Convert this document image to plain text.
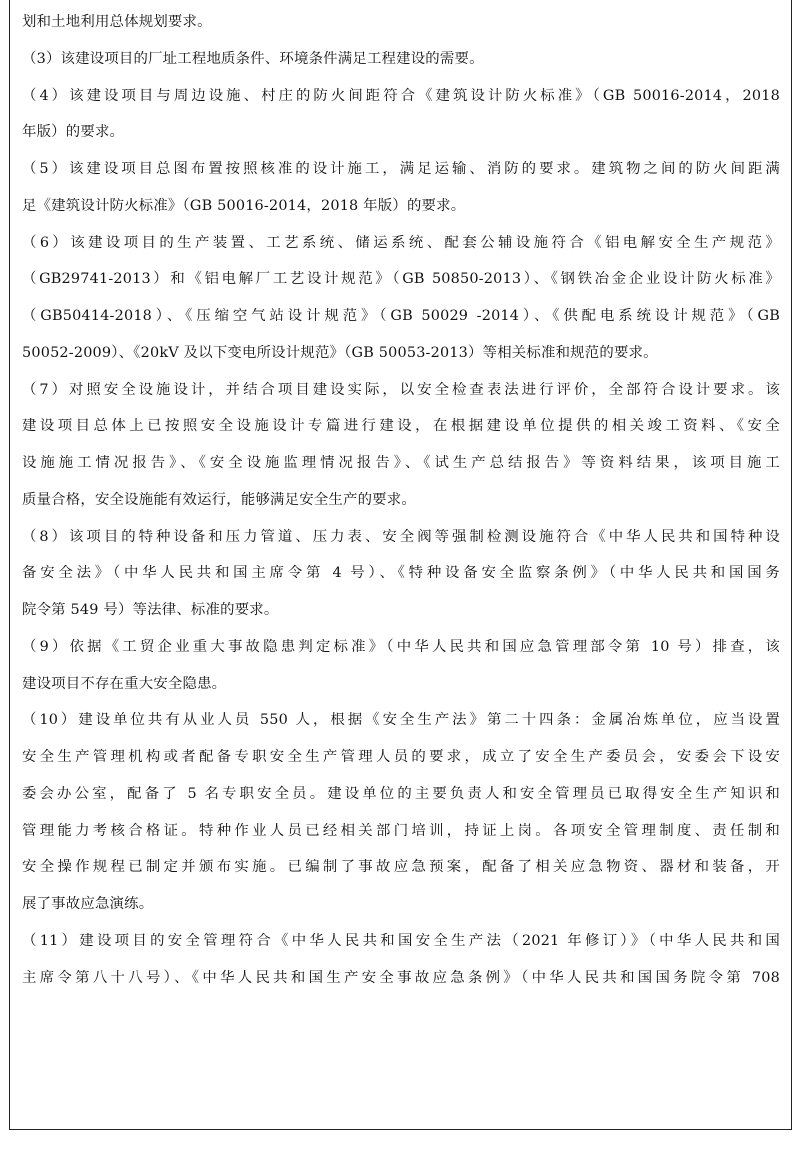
划和土地利用总体规划要求。
（3）该建设项目的厂址工程地质条件、环境条件满足工程建设的需要。
（4）该建设项目与周边设施、村庄的防火间距符合《建筑设计防火标准》（GB 50016-2014，2018
年版）的要求。
（5）该建设项目总图布置按照核准的设计施工，满足运输、消防的要求。建筑物之间的防火间距满
足《建筑设计防火标准》（GB 50016-2014，2018 年版）的要求。
（6）该建设项目的生产装置、工艺系统、储运系统、配套公辅设施符合《铝电解安全生产规范》
（GB29741-2013）和《铝电解厂工艺设计规范》（GB 50850-2013）、《钢铁冶金企业设计防火标准》
（GB50414-2018）、《压缩空气站设计规范》（GB 50029 -2014）、《供配电系统设计规范》（GB
50052-2009）、《20kV 及以下变电所设计规范》（GB 50053-2013）等相关标准和规范的要求。
（7）对照安全设施设计，并结合项目建设实际，以安全检查表法进行评价，全部符合设计要求。该
建设项目总体上已按照安全设施设计专篇进行建设，在根据建设单位提供的相关竣工资料、《安全
设施施工情况报告》、《安全设施监理情况报告》、《试生产总结报告》等资料结果，该项目施工
质量合格，安全设施能有效运行，能够满足安全生产的要求。
（8）该项目的特种设备和压力管道、压力表、安全阀等强制检测设施符合《中华人民共和国特种设
备安全法》（中华人民共和国主席令第 4 号）、《特种设备安全监察条例》（中华人民共和国国务
院令第 549 号）等法律、标准的要求。
（9）依据《工贸企业重大事故隐患判定标准》（中华人民共和国应急管理部令第 10 号）排查，该
建设项目不存在重大安全隐患。
（10）建设单位共有从业人员 550 人，根据《安全生产法》第二十四条：金属冶炼单位，应当设置
安全生产管理机构或者配备专职安全生产管理人员的要求，成立了安全生产委员会，安委会下设安
委会办公室，配备了 5 名专职安全员。建设单位的主要负责人和安全管理员已取得安全生产知识和
管理能力考核合格证。特种作业人员已经相关部门培训，持证上岗。各项安全管理制度、责任制和
安全操作规程已制定并颁布实施。已编制了事故应急预案，配备了相关应急物资、器材和装备，开
展了事故应急演练。
（11）建设项目的安全管理符合《中华人民共和国安全生产法（2021 年修订）》（中华人民共和国
主席令第八十八号）、《中华人民共和国生产安全事故应急条例》（中华人民共和国国务院令第 708
